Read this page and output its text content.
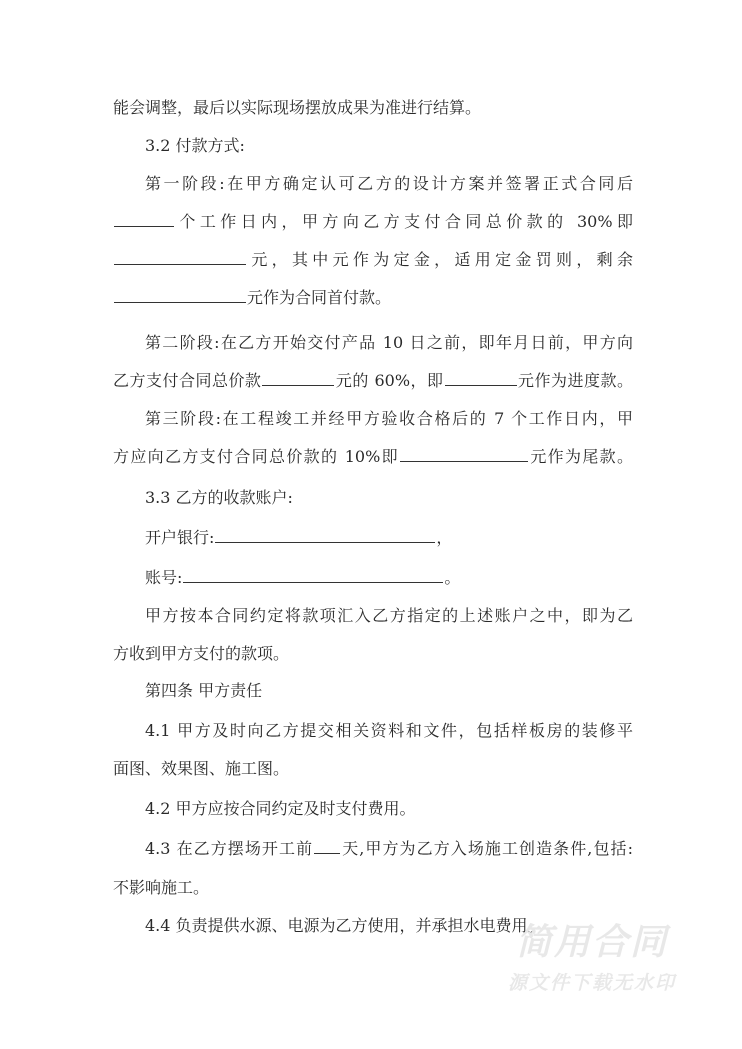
能会调整，最后以实际现场摆放成果为准进行结算。
3.2 付款方式:
第一阶段:在甲方确定认可乙方的设计方案并签署正式合同后
个工作日内，甲方向乙方支付合同总价款的 30%即
元，其中元作为定金，适用定金罚则，剩余
元作为合同首付款。
第二阶段:在乙方开始交付产品 10 日之前，即年月日前，甲方向
乙方支付合同总价款	元的 60%，即	元作为进度款。
第三阶段:在工程竣工并经甲方验收合格后的 7 个工作日内，甲
方应向乙方支付合同总价款的 10%即	元作为尾款。
3.3 乙方的收款账户:
开户银行:	，
账号:	。
甲方按本合同约定将款项汇入乙方指定的上述账户之中，即为乙
方收到甲方支付的款项。
第四条 甲方责任
4.1 甲方及时向乙方提交相关资料和文件，包括样板房的装修平
面图、效果图、施工图。
4.2 甲方应按合同约定及时支付费用。
4.3 在乙方摆场开工前 天,甲方为乙方入场施工创造条件,包括:
不影响施工。
4.4 负责提供水源、电源为乙方使用，并承担水电费用。
简用合同
源文件下载无水印
